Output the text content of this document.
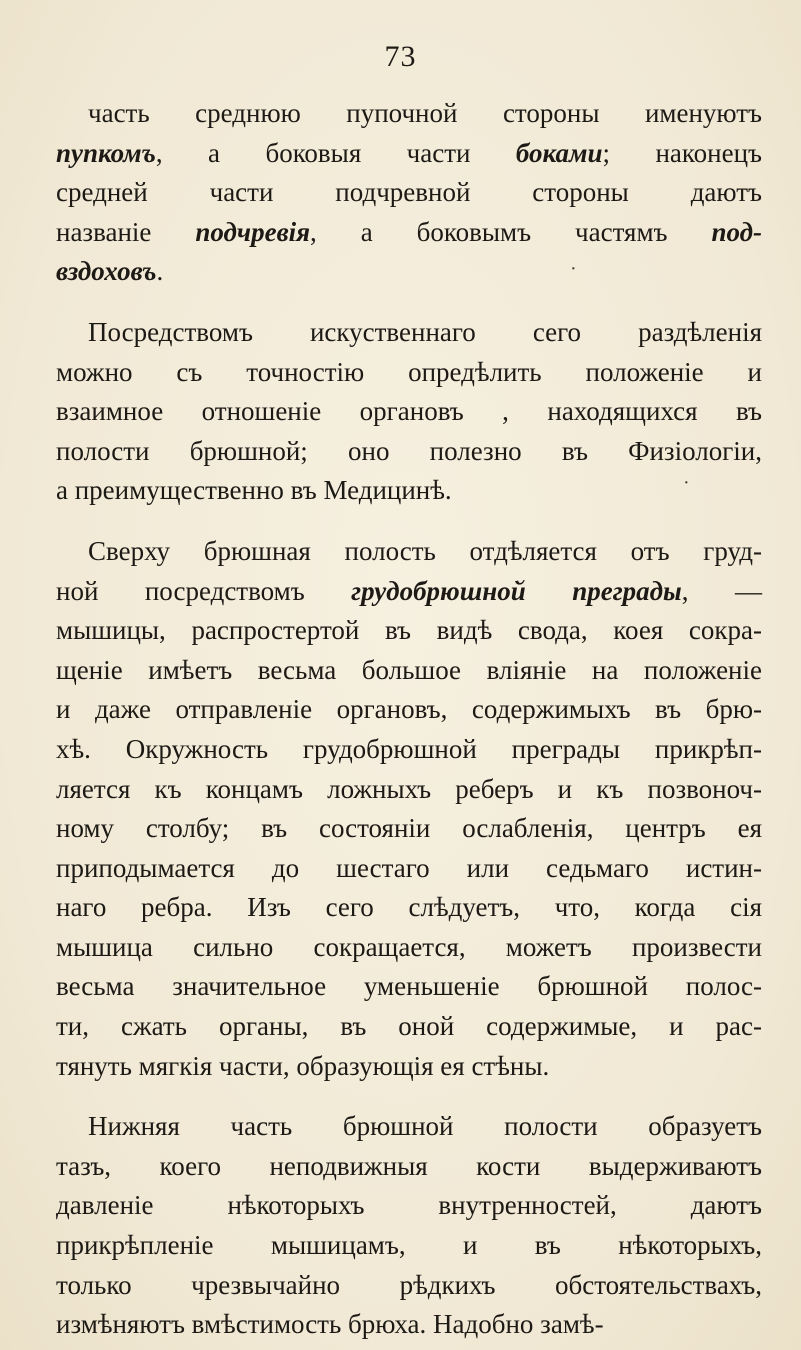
73
часть среднюю пупочной стороны именуютъ
пупкомъ, а боковыя части боками; наконецъ
средней части подчревной стороны даютъ
названіе подчревія, а боковымъ частямъ под-
вздоховъ.
Посредствомъ искуственнаго сего раздѣленія
можно съ точностію опредѣлить положеніе и
взаимное отношеніе органовъ , находящихся въ
полости брюшной; оно полезно въ Физіологіи,
а преимущественно въ Медицинѣ.
Сверху брюшная полость отдѣляется отъ груд-
ной посредствомъ грудобрюшной преграды, —
мышицы, распростертой въ видѣ свода, коея сокра-
щеніе имѣетъ весьма большое вліяніе на положеніе
и даже отправленіе органовъ, содержимыхъ въ брю-
хѣ. Окружность грудобрюшной преграды прикрѣп-
ляется къ концамъ ложныхъ реберъ и къ позвоноч-
ному столбу; въ состояніи ослабленія, центръ ея
приподымается до шестаго или седьмаго истин-
наго ребра. Изъ сего слѣдуетъ, что, когда сія
мышица сильно сокращается, можетъ произвести
весьма значительное уменьшеніе брюшной полос-
ти, сжать органы, въ оной содержимые, и рас-
тянуть мягкія части, образующія ея стѣны.
Нижняя часть брюшной полости образуетъ
тазъ, коего неподвижныя кости выдерживаютъ
давленіе нѣкоторыхъ внутренностей, даютъ
прикрѣпленіе мышицамъ, и въ нѣкоторыхъ,
только чрезвычайно рѣдкихъ обстоятельствахъ,
измѣняютъ вмѣстимость брюха. Надобно замѣ-
·
·
